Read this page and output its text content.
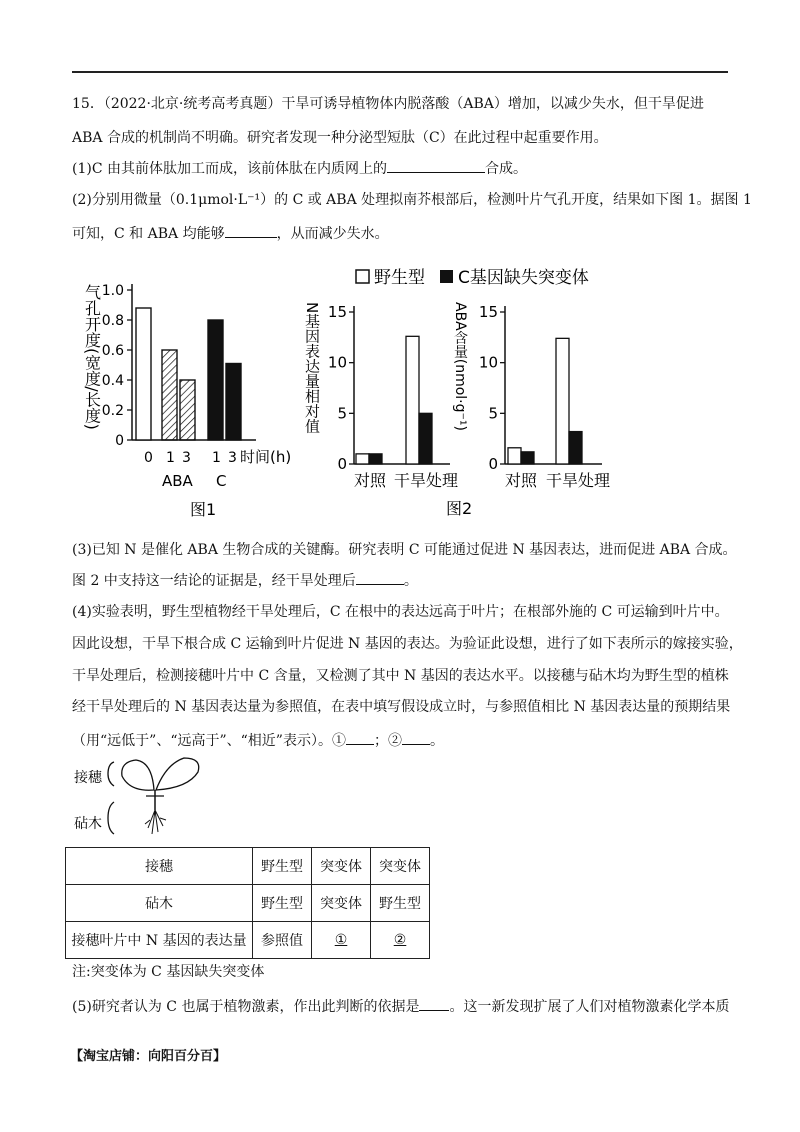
15．（2022·北京·统考高考真题）干旱可诱导植物体内脱落酸（ABA）增加，以减少失水，但干旱促进
ABA 合成的机制尚不明确。研究者发现一种分泌型短肽（C）在此过程中起重要作用。
(1)C 由其前体肽加工而成，该前体肽在内质网上的	合成。
(2)分别用微量（0.1μmol·L⁻¹）的 C 或 ABA 处理拟南芥根部后，检测叶片气孔开度，结果如下图 1。据图 1
可知，C 和 ABA 均能够	，从而减少失水。
气孔开度(宽度/长度) 1.0
0.8
0.6
0.4
0.2
0
0 1 3 1 3 时间(h)
ABA C
图1
野生型 C基因缺失突变体
N基因表达量相对值 15
10
5
0
对照 干旱处理
ABA含量(nmol·g⁻¹) 15
10
5
0
对照 干旱处理
图2
(3)已知 N 是催化 ABA 生物合成的关键酶。研究表明 C 可能通过促进 N 基因表达，进而促进 ABA 合成。
图 2 中支持这一结论的证据是，经干旱处理后	。
(4)实验表明，野生型植物经干旱处理后，C 在根中的表达远高于叶片；在根部外施的 C 可运输到叶片中。
因此设想，干旱下根合成 C 运输到叶片促进 N 基因的表达。为验证此设想，进行了如下表所示的嫁接实验，
干旱处理后，检测接穗叶片中 C 含量，又检测了其中 N 基因的表达水平。以接穗与砧木均为野生型的植株
经干旱处理后的 N 基因表达量为参照值，在表中填写假设成立时，与参照值相比 N 基因表达量的预期结果
（用“远低于”、“远高于”、“相近”表示）。① ；② 。
接穗
砧木
接穗	野生型	突变体	突变体
砧木	野生型	突变体	野生型
接穗叶片中 N 基因的表达量	参照值	①	②
注:突变体为 C 基因缺失突变体
(5)研究者认为 C 也属于植物激素，作出此判断的依据是 。这一新发现扩展了人们对植物激素化学本质
【淘宝店铺：向阳百分百】
